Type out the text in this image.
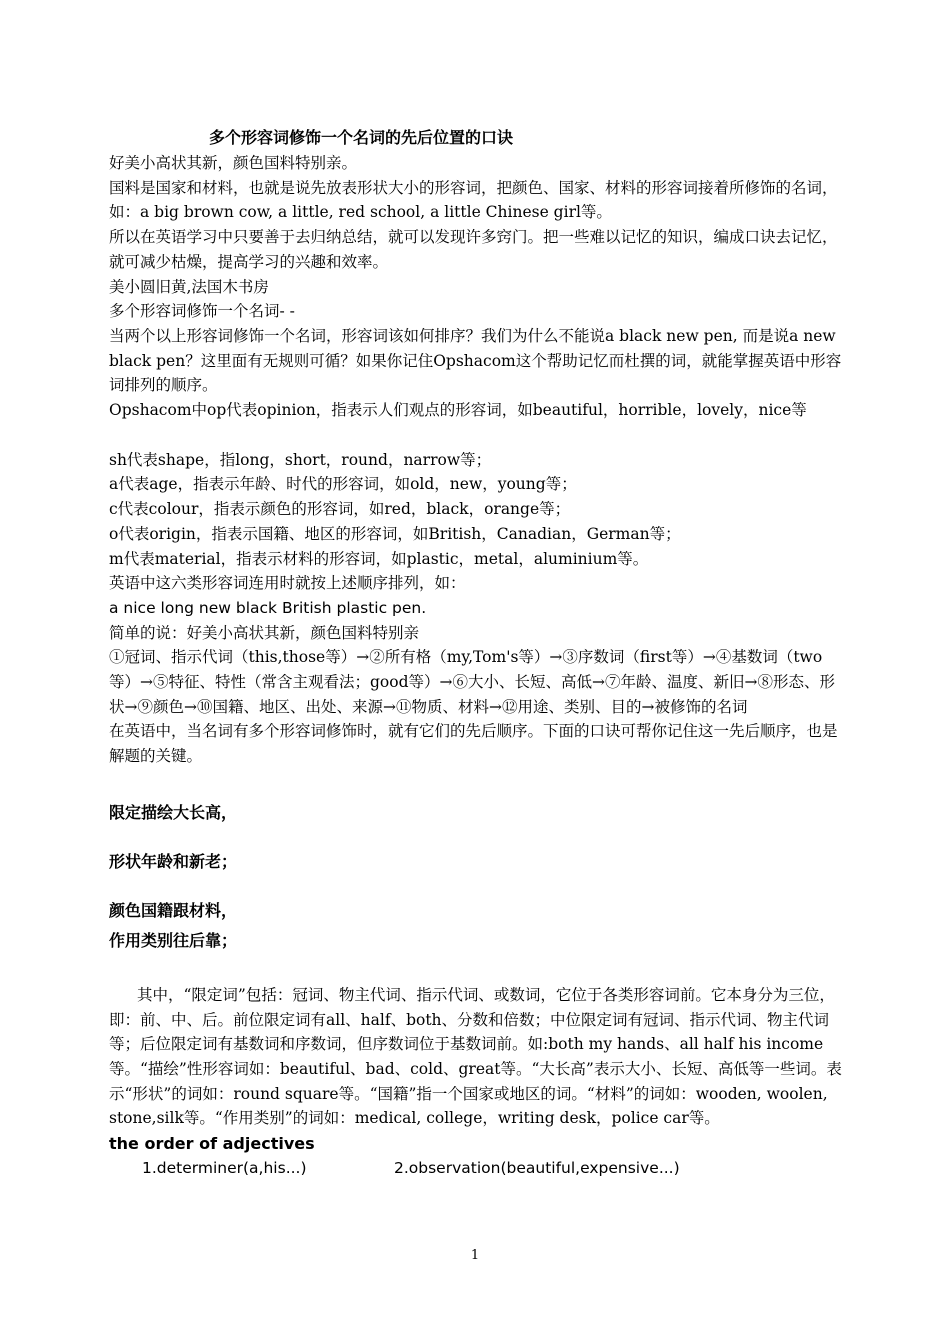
多个形容词修饰一个名词的先后位置的口诀

好美小高状其新，颜色国料特别亲。

国料是国家和材料，也就是说先放表形状大小的形容词，把颜色、国家、材料的形容词接着所修饰的名词，如：a big brown cow, a little, red school, a little Chinese girl等。

所以在英语学习中只要善于去归纳总结，就可以发现许多窍门。把一些难以记忆的知识，编成口诀去记忆，就可减少枯燥，提高学习的兴趣和效率。

美小圆旧黄,法国木书房

多个形容词修饰一个名词- -

当两个以上形容词修饰一个名词，形容词该如何排序？我们为什么不能说a black new pen, 而是说a new black pen？这里面有无规则可循？如果你记住Opshacom这个帮助记忆而杜撰的词，就能掌握英语中形容词排列的顺序。

Opshacom中op代表opinion，指表示人们观点的形容词，如beautiful，horrible，lovely，nice等

sh代表shape，指long，short，round，narrow等；

a代表age，指表示年龄、时代的形容词，如old，new，young等；

c代表colour，指表示颜色的形容词，如red，black，orange等；

o代表origin，指表示国籍、地区的形容词，如British，Canadian，German等；

m代表material，指表示材料的形容词，如plastic，metal，aluminium等。

英语中这六类形容词连用时就按上述顺序排列，如：

a nice long new black British plastic pen.

简单的说：好美小高状其新，颜色国料特别亲

①冠词、指示代词（this,those等）→②所有格（my,Tom's等）→③序数词（first等）→④基数词（two等）→⑤特征、特性（常含主观看法；good等）→⑥大小、长短、高低→⑦年龄、温度、新旧→⑧形态、形状→⑨颜色→⑩国籍、地区、出处、来源→⑪物质、材料→⑫用途、类别、目的→被修饰的名词

在英语中，当名词有多个形容词修饰时，就有它们的先后顺序。下面的口诀可帮你记住这一先后顺序，也是解题的关键。

限定描绘大长高，

形状年龄和新老；

颜色国籍跟材料，

作用类别往后靠；

其中，“限定词”包括：冠词、物主代词、指示代词、或数词，它位于各类形容词前。它本身分为三位，即：前、中、后。前位限定词有all、half、both、分数和倍数；中位限定词有冠词、指示代词、物主代词等；后位限定词有基数词和序数词，但序数词位于基数词前。如:both my hands、all half his income等。“描绘”性形容词如：beautiful、bad、cold、great等。“大长高”表示大小、长短、高低等一些词。表示“形状”的词如：round square等。“国籍”指一个国家或地区的词。“材料”的词如：wooden, woolen, stone,silk等。“作用类别”的词如：medical, college，writing desk，police car等。

the order of adjectives
1.determiner(a,his...)	2.observation(beautiful,expensive...)
1
